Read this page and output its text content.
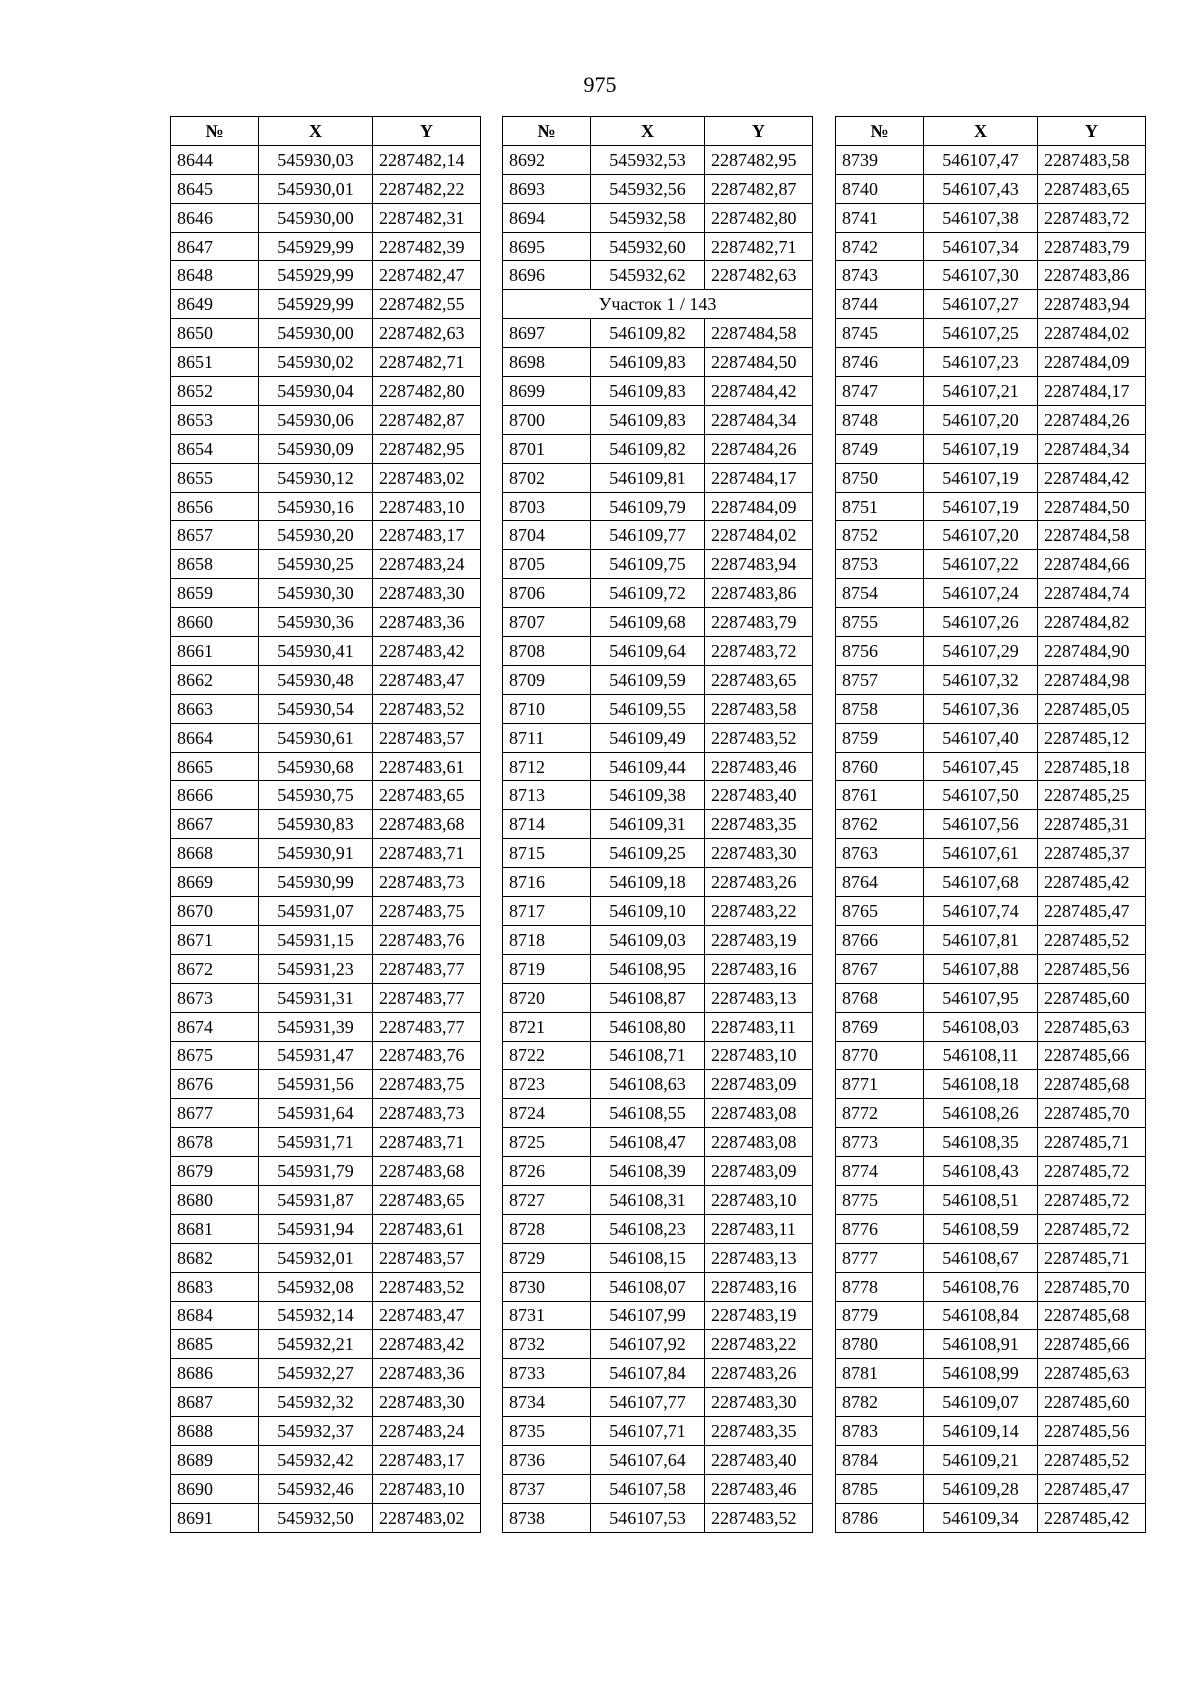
975
№	X	Y
8644	545930,03	2287482,14
8645	545930,01	2287482,22
8646	545930,00	2287482,31
8647	545929,99	2287482,39
8648	545929,99	2287482,47
8649	545929,99	2287482,55
8650	545930,00	2287482,63
8651	545930,02	2287482,71
8652	545930,04	2287482,80
8653	545930,06	2287482,87
8654	545930,09	2287482,95
8655	545930,12	2287483,02
8656	545930,16	2287483,10
8657	545930,20	2287483,17
8658	545930,25	2287483,24
8659	545930,30	2287483,30
8660	545930,36	2287483,36
8661	545930,41	2287483,42
8662	545930,48	2287483,47
8663	545930,54	2287483,52
8664	545930,61	2287483,57
8665	545930,68	2287483,61
8666	545930,75	2287483,65
8667	545930,83	2287483,68
8668	545930,91	2287483,71
8669	545930,99	2287483,73
8670	545931,07	2287483,75
8671	545931,15	2287483,76
8672	545931,23	2287483,77
8673	545931,31	2287483,77
8674	545931,39	2287483,77
8675	545931,47	2287483,76
8676	545931,56	2287483,75
8677	545931,64	2287483,73
8678	545931,71	2287483,71
8679	545931,79	2287483,68
8680	545931,87	2287483,65
8681	545931,94	2287483,61
8682	545932,01	2287483,57
8683	545932,08	2287483,52
8684	545932,14	2287483,47
8685	545932,21	2287483,42
8686	545932,27	2287483,36
8687	545932,32	2287483,30
8688	545932,37	2287483,24
8689	545932,42	2287483,17
8690	545932,46	2287483,10
8691	545932,50	2287483,02
№	X	Y
8692	545932,53	2287482,95
8693	545932,56	2287482,87
8694	545932,58	2287482,80
8695	545932,60	2287482,71
8696	545932,62	2287482,63
Участок 1 / 143		
8697	546109,82	2287484,58
8698	546109,83	2287484,50
8699	546109,83	2287484,42
8700	546109,83	2287484,34
8701	546109,82	2287484,26
8702	546109,81	2287484,17
8703	546109,79	2287484,09
8704	546109,77	2287484,02
8705	546109,75	2287483,94
8706	546109,72	2287483,86
8707	546109,68	2287483,79
8708	546109,64	2287483,72
8709	546109,59	2287483,65
8710	546109,55	2287483,58
8711	546109,49	2287483,52
8712	546109,44	2287483,46
8713	546109,38	2287483,40
8714	546109,31	2287483,35
8715	546109,25	2287483,30
8716	546109,18	2287483,26
8717	546109,10	2287483,22
8718	546109,03	2287483,19
8719	546108,95	2287483,16
8720	546108,87	2287483,13
8721	546108,80	2287483,11
8722	546108,71	2287483,10
8723	546108,63	2287483,09
8724	546108,55	2287483,08
8725	546108,47	2287483,08
8726	546108,39	2287483,09
8727	546108,31	2287483,10
8728	546108,23	2287483,11
8729	546108,15	2287483,13
8730	546108,07	2287483,16
8731	546107,99	2287483,19
8732	546107,92	2287483,22
8733	546107,84	2287483,26
8734	546107,77	2287483,30
8735	546107,71	2287483,35
8736	546107,64	2287483,40
8737	546107,58	2287483,46
8738	546107,53	2287483,52
№	X	Y
8739	546107,47	2287483,58
8740	546107,43	2287483,65
8741	546107,38	2287483,72
8742	546107,34	2287483,79
8743	546107,30	2287483,86
8744	546107,27	2287483,94
8745	546107,25	2287484,02
8746	546107,23	2287484,09
8747	546107,21	2287484,17
8748	546107,20	2287484,26
8749	546107,19	2287484,34
8750	546107,19	2287484,42
8751	546107,19	2287484,50
8752	546107,20	2287484,58
8753	546107,22	2287484,66
8754	546107,24	2287484,74
8755	546107,26	2287484,82
8756	546107,29	2287484,90
8757	546107,32	2287484,98
8758	546107,36	2287485,05
8759	546107,40	2287485,12
8760	546107,45	2287485,18
8761	546107,50	2287485,25
8762	546107,56	2287485,31
8763	546107,61	2287485,37
8764	546107,68	2287485,42
8765	546107,74	2287485,47
8766	546107,81	2287485,52
8767	546107,88	2287485,56
8768	546107,95	2287485,60
8769	546108,03	2287485,63
8770	546108,11	2287485,66
8771	546108,18	2287485,68
8772	546108,26	2287485,70
8773	546108,35	2287485,71
8774	546108,43	2287485,72
8775	546108,51	2287485,72
8776	546108,59	2287485,72
8777	546108,67	2287485,71
8778	546108,76	2287485,70
8779	546108,84	2287485,68
8780	546108,91	2287485,66
8781	546108,99	2287485,63
8782	546109,07	2287485,60
8783	546109,14	2287485,56
8784	546109,21	2287485,52
8785	546109,28	2287485,47
8786	546109,34	2287485,42
